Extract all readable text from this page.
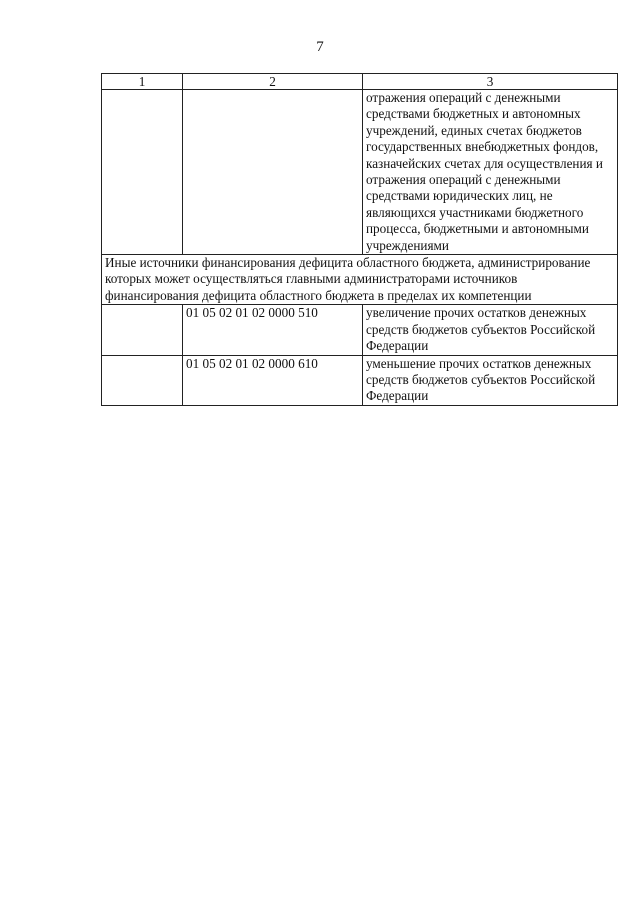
7
1	2	3
		отражения операций с денежными средствами бюджетных и автономных учреждений, единых счетах бюджетов государственных внебюджетных фондов, казначейских счетах для осуществления и отражения операций с денежными средствами юридических лиц, не являющихся участниками бюджетного процесса, бюджетными и автономными учреждениями
Иные источники финансирования дефицита областного бюджета, администрирование которых может осуществляться главными администраторами источников финансирования дефицита областного бюджета в пределах их компетенции		
	01 05 02 01 02 0000 510	увеличение прочих остатков денежных средств бюджетов субъектов Российской Федерации
	01 05 02 01 02 0000 610	уменьшение прочих остатков денежных средств бюджетов субъектов Российской Федерации
